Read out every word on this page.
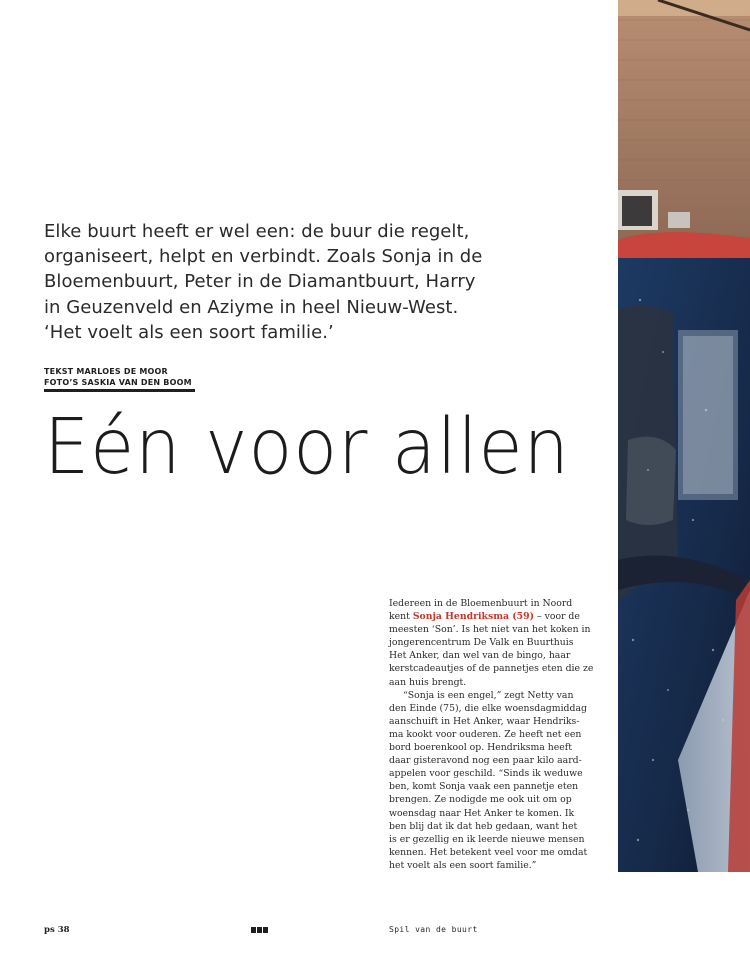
Elke buurt heeft er wel een: de buur die regelt,
organiseert, helpt en verbindt. Zoals Sonja in de
Bloemenbuurt, Peter in de Diamantbuurt, Harry
in Geuzenveld en Aziyme in heel Nieuw-West.
‘Het voelt als een soort familie.’

TEKST MARLOES DE MOOR
FOTO’S SASKIA VAN DEN BOOM
Eén voor allen
Iedereen in de Bloemenbuurt in Noord
kent Sonja Hendriksma (59) – voor de
meesten ‘Son’. Is het niet van het koken in
jongerencentrum De Valk en Buurthuis
Het Anker, dan wel van de bingo, haar
kerstcadeautjes of de pannetjes eten die ze
aan huis brengt.
“Sonja is een engel,” zegt Netty van
den Einde (75), die elke woensdagmiddag
aanschuift in Het Anker, waar Hendriks-
ma kookt voor ouderen. Ze heeft net een
bord boerenkool op. Hendriksma heeft
daar gisteravond nog een paar kilo aard-
appelen voor geschild. “Sinds ik weduwe
ben, komt Sonja vaak een pannetje eten
brengen. Ze nodigde me ook uit om op
woensdag naar Het Anker te komen. Ik
ben blij dat ik dat heb gedaan, want het
is er gezellig en ik leerde nieuwe mensen
kennen. Het betekent veel voor me omdat
het voelt als een soort familie.”
ps 38	Spil van de buurt
